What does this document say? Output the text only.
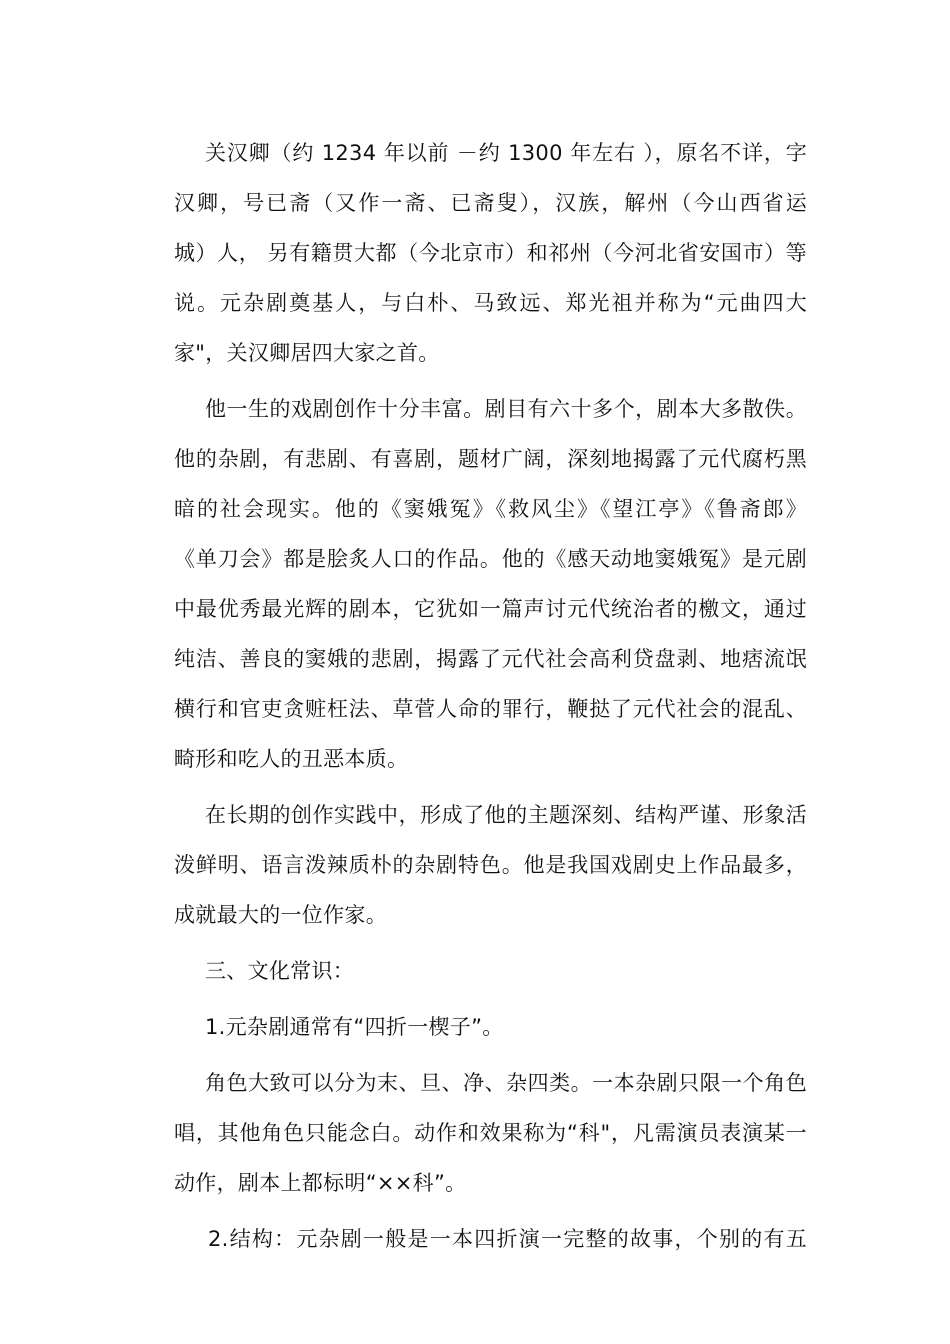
关汉卿（约 1234 年以前 －约 1300 年左右 ），原名不详，字
汉卿，号已斋（又作一斋、已斋叟），汉族，解州（今山西省运
城）人， 另有籍贯大都（今北京市）和祁州（今河北省安国市）等
说。元杂剧奠基人，与白朴、马致远、郑光祖并称为“元曲四大
家"，关汉卿居四大家之首。
他一生的戏剧创作十分丰富。剧目有六十多个，剧本大多散佚。
他的杂剧，有悲剧、有喜剧，题材广阔，深刻地揭露了元代腐朽黑
暗的社会现实。他的《窦娥冤》《救风尘》《望江亭》《鲁斋郎》
《单刀会》都是脍炙人口的作品。他的《感天动地窦娥冤》是元剧
中最优秀最光辉的剧本，它犹如一篇声讨元代统治者的檄文，通过
纯洁、善良的窦娥的悲剧，揭露了元代社会高利贷盘剥、地痞流氓
横行和官吏贪赃枉法、草菅人命的罪行，鞭挞了元代社会的混乱、
畸形和吃人的丑恶本质。
在长期的创作实践中，形成了他的主题深刻、结构严谨、形象活
泼鲜明、语言泼辣质朴的杂剧特色。他是我国戏剧史上作品最多，
成就最大的一位作家。
三、文化常识：
1.元杂剧通常有“四折一楔子”。
角色大致可以分为末、旦、净、杂四类。一本杂剧只限一个角色
唱，其他角色只能念白。动作和效果称为“科"，凡需演员表演某一
动作，剧本上都标明“××科”。
2.结构：元杂剧一般是一本四折演一完整的故事，个别的有五
